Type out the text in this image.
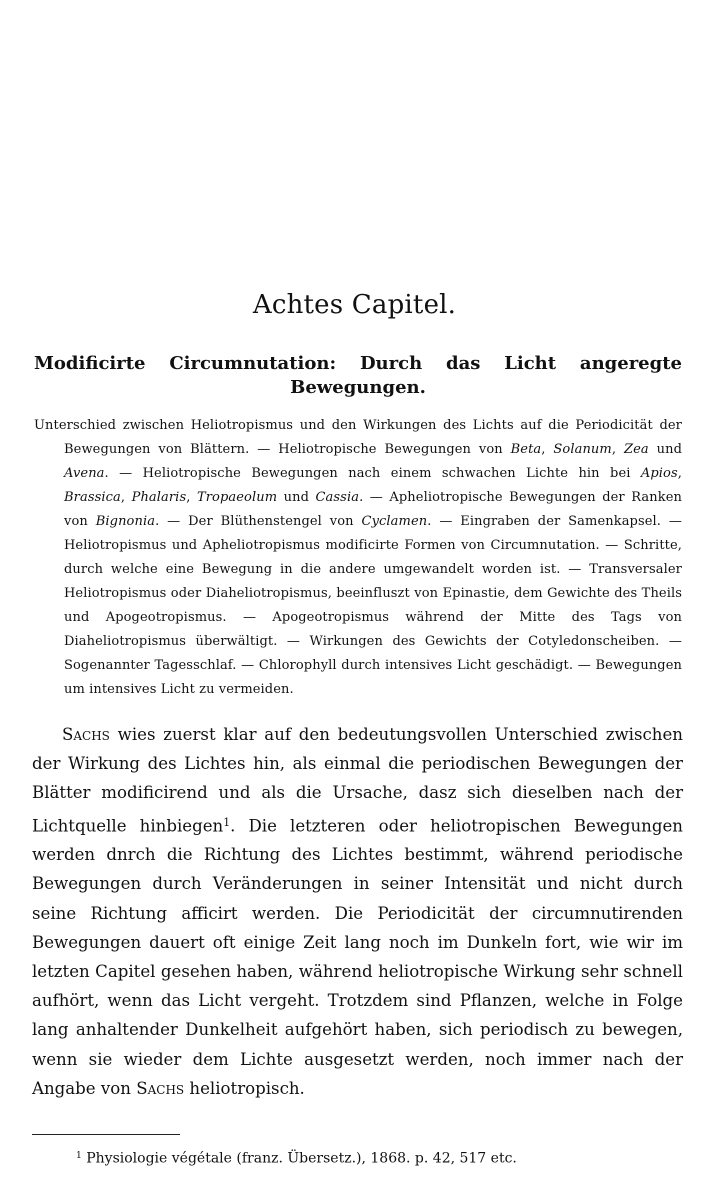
Achtes Capitel.
Modificirte Circumnutation: Durch das Licht angeregte Bewegungen.

Unterschied zwischen Heliotropismus und den Wirkungen des Lichts auf die Periodicität der Bewegungen von Blättern. — Heliotropische Bewegungen von Beta, Solanum, Zea und Avena. — Heliotropische Bewegungen nach einem schwachen Lichte hin bei Apios, Brassica, Phalaris, Tropaeolum und Cassia. — Apheliotropische Bewegungen der Ranken von Bignonia. — Der Blüthenstengel von Cyclamen. — Eingraben der Samenkapsel. — Heliotropismus und Apheliotropismus modificirte Formen von Circumnutation. — Schritte, durch welche eine Bewegung in die andere umgewandelt worden ist. — Transversaler Heliotropismus oder Diaheliotropismus, beeinfluszt von Epinastie, dem Gewichte des Theils und Apogeotropismus. — Apogeotropismus während der Mitte des Tags von Diaheliotropismus überwältigt. — Wirkungen des Gewichts der Cotyledonscheiben. — Sogenannter Tagesschlaf. — Chlorophyll durch intensives Licht geschädigt. — Bewegungen um intensives Licht zu vermeiden.

Sachs wies zuerst klar auf den bedeutungsvollen Unterschied zwischen der Wirkung des Lichtes hin, als einmal die periodischen Bewegungen der Blätter modificirend und als die Ursache, dasz sich dieselben nach der Lichtquelle hinbiegen$^1$. Die letzteren oder heliotropischen Bewegungen werden dnrch die Richtung des Lichtes bestimmt, während periodische Bewegungen durch Veränderungen in seiner Intensität und nicht durch seine Richtung afficirt werden. Die Periodicität der circumnutirenden Bewegungen dauert oft einige Zeit lang noch im Dunkeln fort, wie wir im letzten Capitel gesehen haben, während heliotropische Wirkung sehr schnell aufhört, wenn das Licht vergeht. Trotzdem sind Pflanzen, welche in Folge lang anhaltender Dunkelheit aufgehört haben, sich periodisch zu bewegen, wenn sie wieder dem Lichte ausgesetzt werden, noch immer nach der Angabe von Sachs heliotropisch.

$^1$ Physiologie végétale (franz. Übersetz.), 1868. p. 42, 517 etc.
